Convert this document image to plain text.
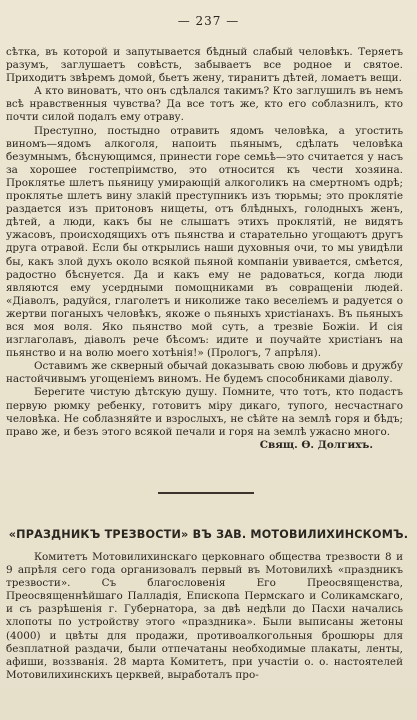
— 237 —

сѣтка, въ которой и запутывается бѣдный слабый человѣкъ. Теряетъ разумъ, заглушаетъ совѣсть, забываетъ все родное и святое. Приходитъ звѣремъ домой, бьетъ жену, тиранитъ дѣтей, ломаетъ вещи.

А кто виноватъ, что онъ сдѣлался такимъ? Кто заглушилъ въ немъ всѣ нравственныя чувства? Да все тотъ же, кто его соблазнилъ, кто почти силой подалъ ему отраву.

Преступно, постыдно отравить ядомъ человѣка, а угостить виномъ—ядомъ алкоголя, напоить пьянымъ, сдѣлать человѣка безумнымъ, бѣснующимся, принести горе семьѣ—это считается у насъ за хорошее гостепріимство, это относится къ чести хозяина. Проклятье шлетъ пьяницу умирающій алкоголикъ на смертномъ одрѣ; проклятье шлетъ вину злакій преступникъ изъ тюрьмы; это проклятіе раздается изъ притоновъ нищеты, отъ блѣдныхъ, голодныхъ женъ, дѣтей, а люди, какъ бы не слышатъ этихъ проклятій, не видятъ ужасовъ, происходящихъ отъ пьянства и старательно угощаютъ другъ друга отравой. Если бы открылись наши духовныя очи, то мы увидѣли бы, какъ злой духъ около всякой пьяной компаніи увивается, смѣется, радостно бѣснуется. Да и какъ ему не радоваться, когда люди являются ему усердными помощниками въ совращеніи людей. «Діаволъ, радуйся, глаголетъ и николиже тако веселіемъ и радуется о жертви поганыхъ человѣкъ, якоже о пьяныхъ христіанахъ. Въ пьяныхъ вся моя воля. Яко пьянство мой суть, а трезвіе Божіи. И сія изглаголавъ, діаволъ рече бѣсомъ: идите и поучайте христіанъ на пьянство и на волю моего хотѣнія!» (Прологъ, 7 апрѣля).

Оставимъ же скверный обычай доказывать свою любовь и дружбу настойчивымъ угощеніемъ виномъ. Не будемъ способниками діаволу.

Берегите чистую дѣтскую душу. Помните, что тотъ, кто подастъ первую рюмку ребенку, готовитъ міру дикаго, тупого, несчастнаго человѣка. Не соблазняйте и взрослыхъ, не сѣйте на землѣ горя и бѣдъ; право же, и безъ этого всякой печали и горя на землѣ ужасно много.

Свящ. Ѳ. Долгихъ.
«ПРАЗДНИКЪ ТРЕЗВОСТИ» ВЪ ЗАВ. МОТОВИЛИХИНСКОМЪ.

Комитетъ Мотовилихинскаго церковнаго общества трезвости 8 и 9 апрѣля сего года организовалъ первый въ Мотовилихѣ «праздникъ трезвости». Съ благословенія Его Преосвященства, Преосвященнѣйшаго Палладія, Епископа Пермскаго и Соликамскаго, и съ разрѣшенія г. Губернатора, за двѣ недѣли до Пасхи начались хлопоты по устройству этого «праздника». Были выписаны жетоны (4000) и цвѣты для продажи, противоалкогольныя брошюры для безплатной раздачи, были отпечатаны необходимые плакаты, ленты, афиши, воззванія. 28 марта Комитетъ, при участіи о. о. настоятелей Мотовилихинскихъ церквей, выработалъ про-
